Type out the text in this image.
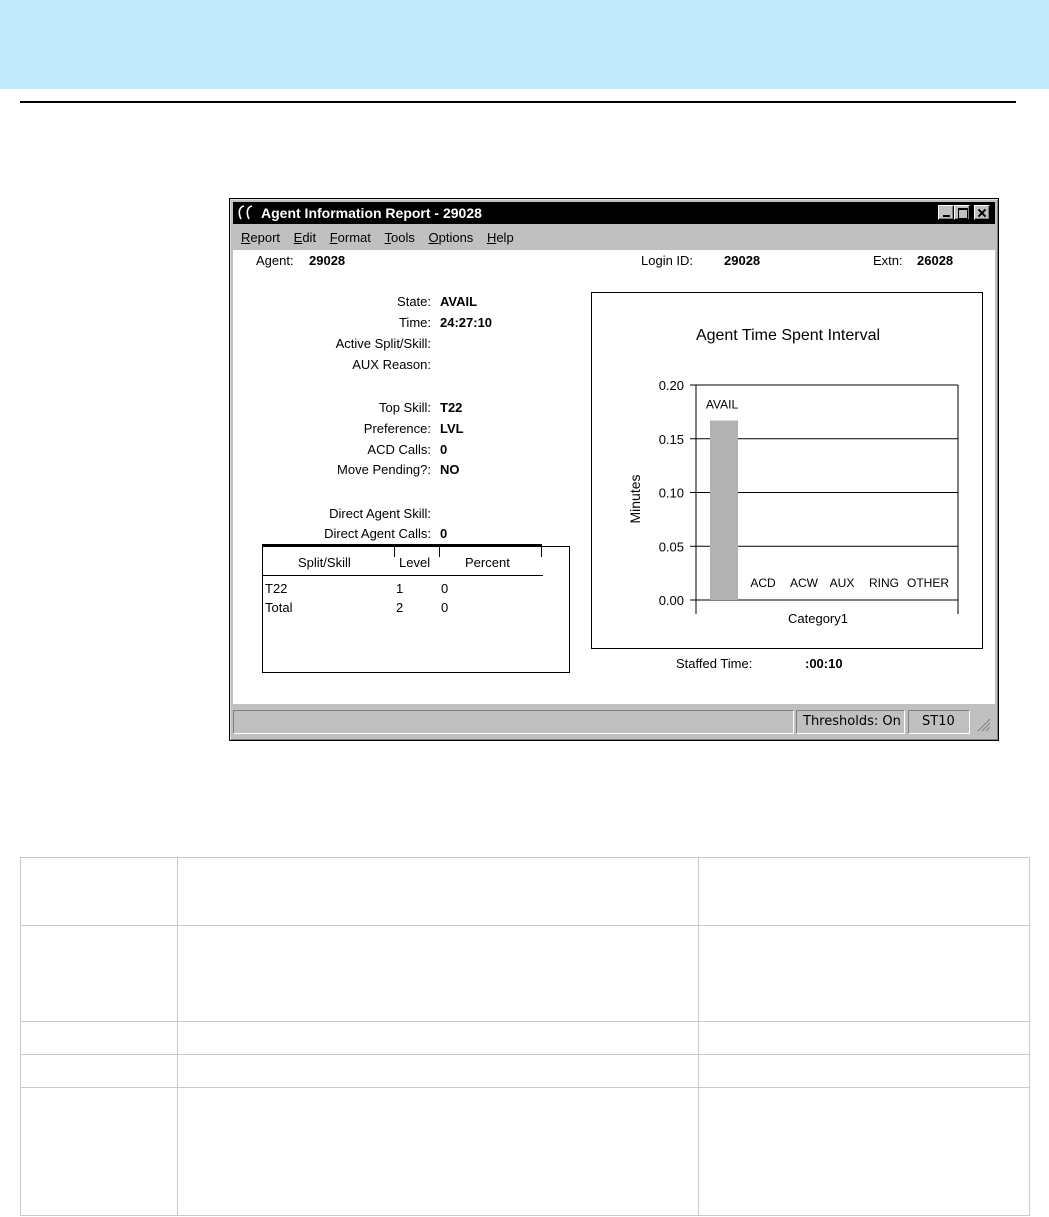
Agent Information Report - 29028
Report Edit Format Tools Options Help
Agent: 29028	Login ID: 29028	Extn: 26028
State: AVAIL
Time: 24:27:10
Active Split/Skill:
AUX Reason:
Top Skill: T22
Preference: LVL
ACD Calls: 0
Move Pending?: NO
Direct Agent Skill:
Direct Agent Calls: 0
Split/Skill	Level	Percent
T22	1	0
Total	2	0
Agent Time Spent Interval
Minutes
Category1
0.20
0.15
0.10
0.05
0.00
AVAIL
ACD ACW AUX RING OTHER
Staffed Time:	:00:10
Thresholds: On	ST10
